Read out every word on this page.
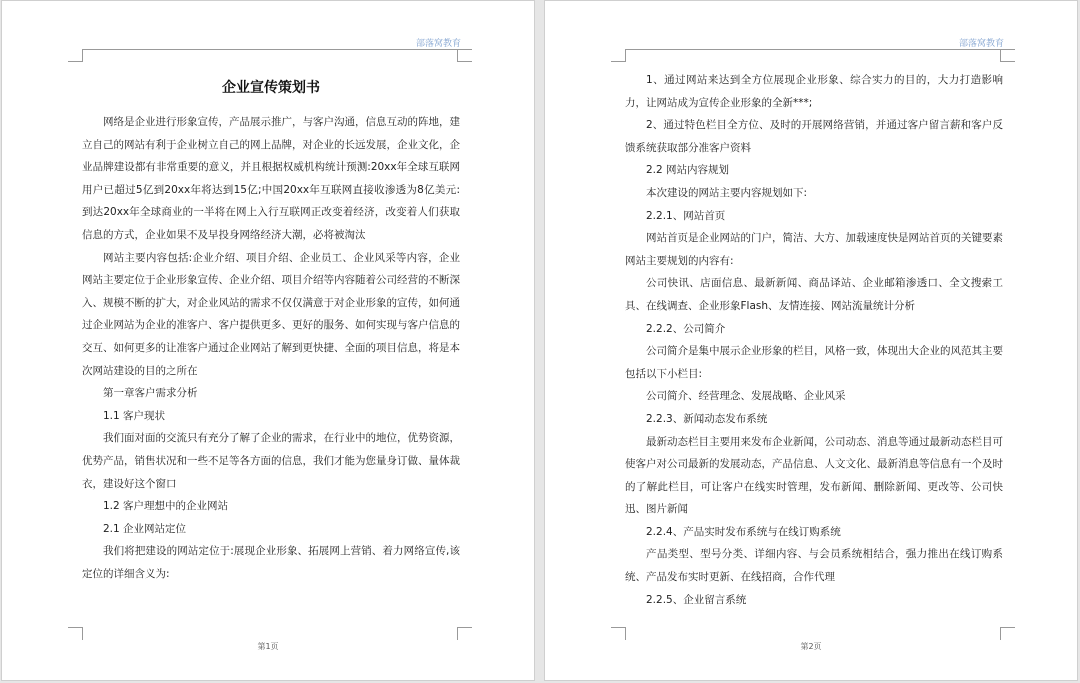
部落窝教育
企业宣传策划书

网络是企业进行形象宣传，产品展示推广，与客户沟通，信息互动的阵地，建立自己的网站有利于企业树立自己的网上品牌，对企业的长远发展，企业文化，企业品牌建设都有非常重要的意义，并且根据权威机构统计预测:20xx年全球互联网用户已超过5亿到20xx年将达到15亿;中国20xx年互联网直接收渗透为8亿美元:到达20xx年全球商业的一半将在网上入行互联网正改变着经济，改变着人们获取信息的方式，企业如果不及早投身网络经济大潮，必将被淘汰

网站主要内容包括:企业介绍、项目介绍、企业员工、企业风采等内容，企业网站主要定位于企业形象宣传、企业介绍、项目介绍等内容随着公司经营的不断深入、规模不断的扩大，对企业风站的需求不仅仅满意于对企业形象的宣传，如何通过企业网站为企业的准客户、客户提供更多、更好的服务、如何实现与客户信息的交互、如何更多的让准客户通过企业网站了解到更快捷、全面的项目信息，将是本次网站建设的目的之所在

第一章客户需求分析

1.1 客户现状

我们面对面的交流只有充分了解了企业的需求，在行业中的地位，优势资源，优势产品，销售状况和一些不足等各方面的信息，我们才能为您量身订做、量体裁衣，建设好这个窗口

1.2 客户理想中的企业网站

2.1 企业网站定位

我们将把建设的网站定位于:展现企业形象、拓展网上营销、着力网络宣传,该定位的详细含义为:

第1页
部落窝教育

1、通过网站来达到全方位展现企业形象、综合实力的目的，大力打造影响力，让网站成为宣传企业形象的全新***;

2、通过特色栏目全方位、及时的开展网络营销，并通过客户留言薪和客户反馈系统获取部分准客户资料

2.2 网站内容规划

本次建设的网站主要内容规划如下:

2.2.1、网站首页

网站首页是企业网站的门户，简洁、大方、加载速度快是网站首页的关键要素网站主要规划的内容有:

公司快讯、店面信息、最新新闻、商品译站、企业邮箱渗透口、全文搜索工具、在线调查、企业形象Flash、友情连接、网站流量统计分析

2.2.2、公司简介

公司简介是集中展示企业形象的栏目，风格一致，体现出大企业的风范其主要包括以下小栏目:

公司简介、经营理念、发展战略、企业风采

2.2.3、新闻动态发布系统

最新动态栏目主要用来发布企业新闻，公司动态、消息等通过最新动态栏目可使客户对公司最新的发展动态，产品信息、人文文化、最新消息等信息有一个及时的了解此栏目，可让客户在线实时管理，发布新闻、删除新闻、更改等、公司快迅、图片新闻

2.2.4、产品实时发布系统与在线订购系统

产品类型、型号分类、详细内容、与会员系统相结合，强力推出在线订购系统、产品发布实时更新、在线招商，合作代理

2.2.5、企业留言系统

第2页
